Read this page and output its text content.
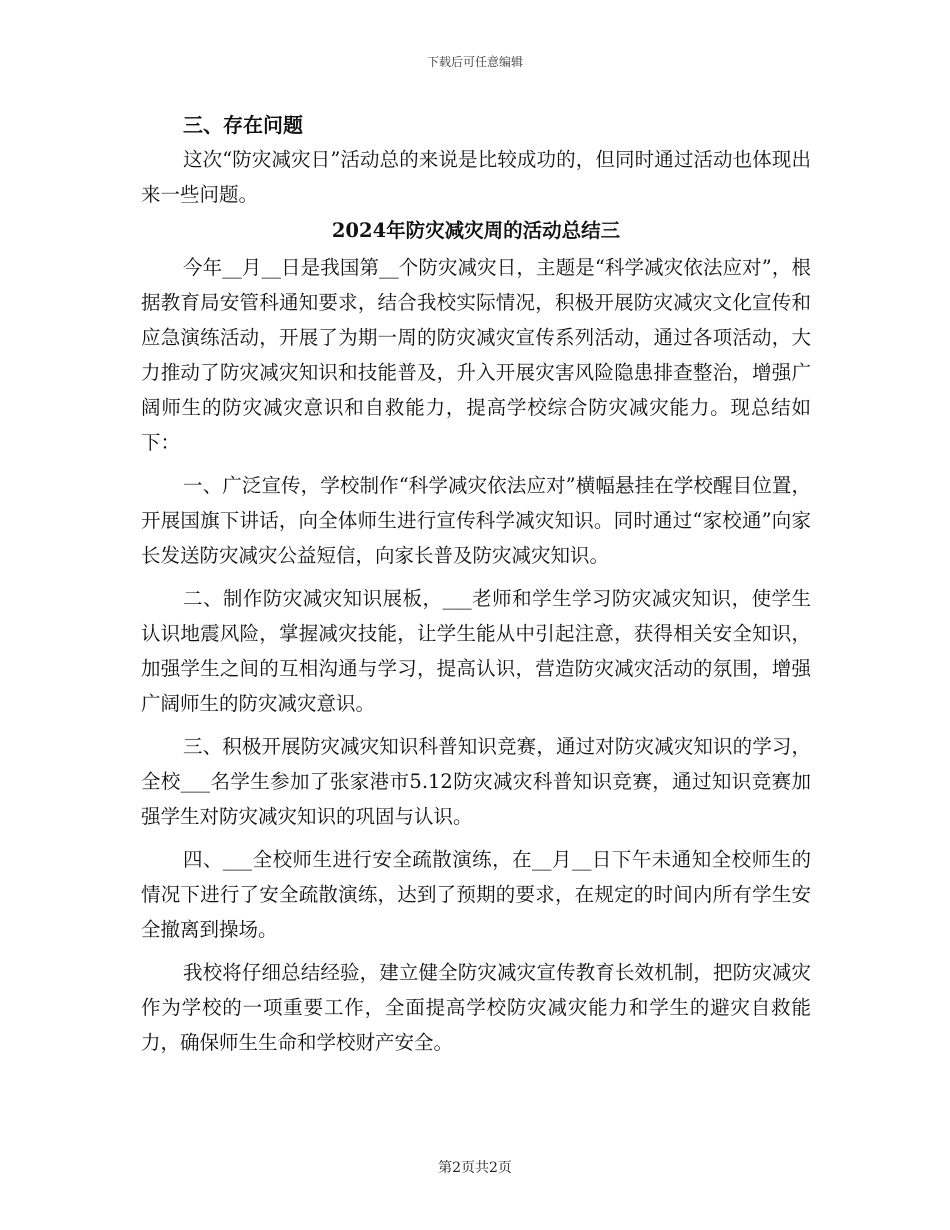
下载后可任意编辑

三、存在问题

这次“防灾减灾日”活动总的来说是比较成功的，但同时通过活动也体现出来一些问题。

2024年防灾减灾周的活动总结三

今年__月__日是我国第__个防灾减灾日，主题是“科学减灾依法应对”，根据教育局安管科通知要求，结合我校实际情况，积极开展防灾减灾文化宣传和应急演练活动，开展了为期一周的防灾减灾宣传系列活动，通过各项活动，大力推动了防灾减灾知识和技能普及，升入开展灾害风险隐患排查整治，增强广阔师生的防灾减灾意识和自救能力，提高学校综合防灾减灾能力。现总结如下：

一、广泛宣传，学校制作“科学减灾依法应对”横幅悬挂在学校醒目位置，开展国旗下讲话，向全体师生进行宣传科学减灾知识。同时通过“家校通”向家长发送防灾减灾公益短信，向家长普及防灾减灾知识。

二、制作防灾减灾知识展板，___老师和学生学习防灾减灾知识，使学生认识地震风险，掌握减灾技能，让学生能从中引起注意，获得相关安全知识，加强学生之间的互相沟通与学习，提高认识，营造防灾减灾活动的氛围，增强广阔师生的防灾减灾意识。

三、积极开展防灾减灾知识科普知识竞赛，通过对防灾减灾知识的学习，全校___名学生参加了张家港市5.12防灾减灾科普知识竞赛，通过知识竞赛加强学生对防灾减灾知识的巩固与认识。

四、___全校师生进行安全疏散演练，在__月__日下午未通知全校师生的情况下进行了安全疏散演练，达到了预期的要求，在规定的时间内所有学生安全撤离到操场。

我校将仔细总结经验，建立健全防灾减灾宣传教育长效机制，把防灾减灾作为学校的一项重要工作，全面提高学校防灾减灾能力和学生的避灾自救能力，确保师生生命和学校财产安全。

第2页共2页
